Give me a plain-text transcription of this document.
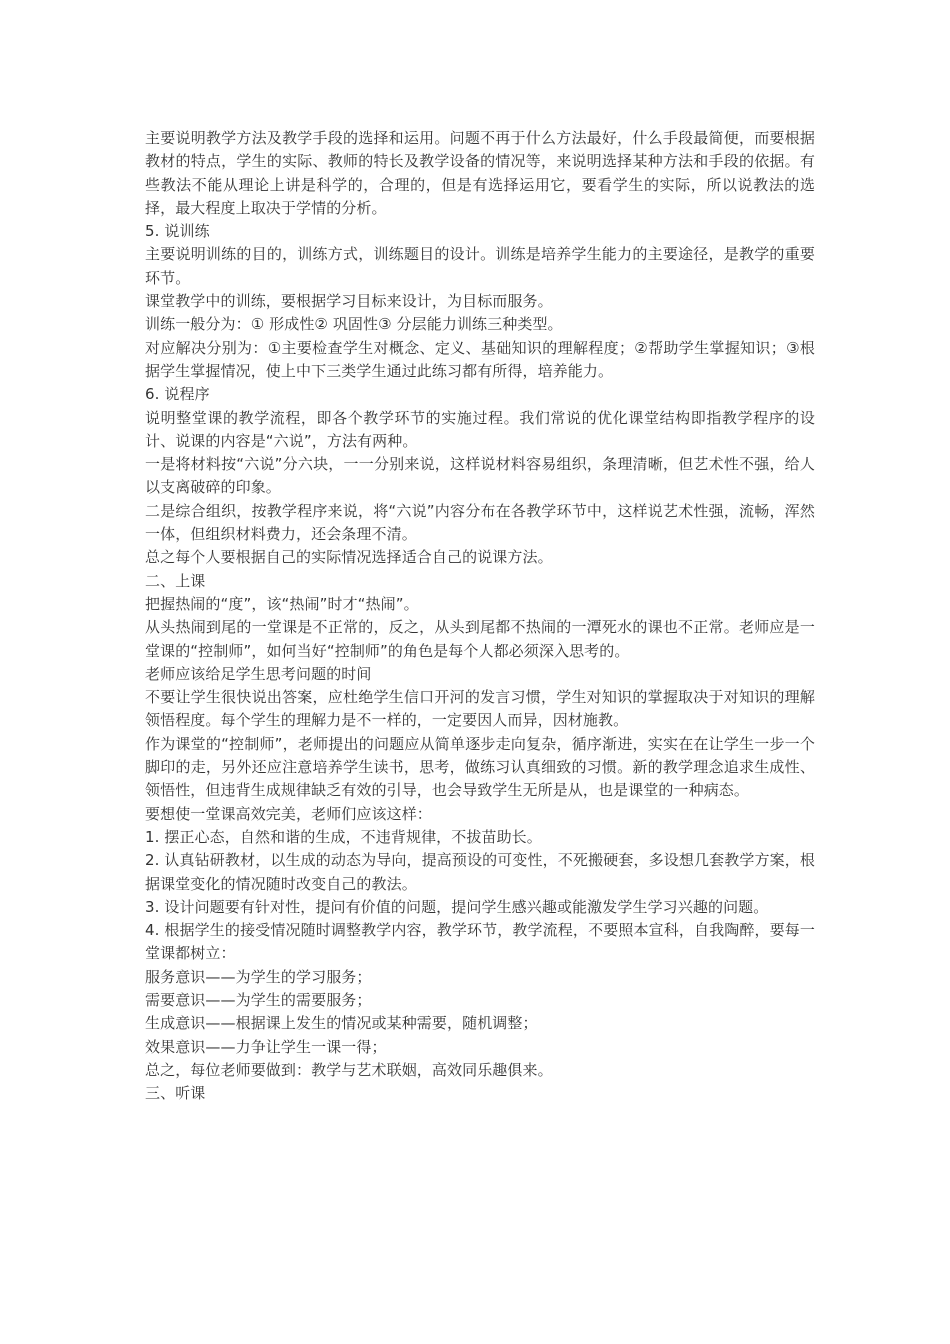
主要说明教学方法及教学手段的选择和运用。问题不再于什么方法最好，什么手段最简便，而要根据教材的特点，学生的实际、教师的特长及教学设备的情况等，来说明选择某种方法和手段的依据。有些教法不能从理论上讲是科学的，合理的，但是有选择运用它，要看学生的实际，所以说教法的选择，最大程度上取决于学情的分析。

5. 说训练

主要说明训练的目的，训练方式，训练题目的设计。训练是培养学生能力的主要途径，是教学的重要环节。

课堂教学中的训练，要根据学习目标来设计，为目标而服务。

训练一般分为：① 形成性② 巩固性③ 分层能力训练三种类型。

对应解决分别为：①主要检查学生对概念、定义、基础知识的理解程度；②帮助学生掌握知识；③根据学生掌握情况，使上中下三类学生通过此练习都有所得，培养能力。

6. 说程序

说明整堂课的教学流程，即各个教学环节的实施过程。我们常说的优化课堂结构即指教学程序的设计、说课的内容是“六说”，方法有两种。

一是将材料按“六说”分六块，一一分别来说，这样说材料容易组织，条理清晰，但艺术性不强，给人以支离破碎的印象。

二是综合组织，按教学程序来说，将“六说”内容分布在各教学环节中，这样说艺术性强，流畅，浑然一体，但组织材料费力，还会条理不清。

总之每个人要根据自己的实际情况选择适合自己的说课方法。

二、上课

把握热闹的“度”，该“热闹”时才“热闹”。

从头热闹到尾的一堂课是不正常的，反之，从头到尾都不热闹的一潭死水的课也不正常。老师应是一堂课的“控制师”，如何当好“控制师”的角色是每个人都必须深入思考的。

老师应该给足学生思考问题的时间

不要让学生很快说出答案，应杜绝学生信口开河的发言习惯，学生对知识的掌握取决于对知识的理解领悟程度。每个学生的理解力是不一样的，一定要因人而异，因材施教。

作为课堂的“控制师”，老师提出的问题应从简单逐步走向复杂，循序渐进，实实在在让学生一步一个脚印的走，另外还应注意培养学生读书，思考，做练习认真细致的习惯。新的教学理念追求生成性、领悟性，但违背生成规律缺乏有效的引导，也会导致学生无所是从，也是课堂的一种病态。

要想使一堂课高效完美，老师们应该这样：

1. 摆正心态，自然和谐的生成，不违背规律，不拔苗助长。

2. 认真钻研教材，以生成的动态为导向，提高预设的可变性，不死搬硬套，多设想几套教学方案，根据课堂变化的情况随时改变自己的教法。

3. 设计问题要有针对性，提问有价值的问题，提问学生感兴趣或能激发学生学习兴趣的问题。

4. 根据学生的接受情况随时调整教学内容，教学环节，教学流程，不要照本宣科，自我陶醉，要每一堂课都树立：

服务意识——为学生的学习服务；

需要意识——为学生的需要服务；

生成意识——根据课上发生的情况或某种需要，随机调整；

效果意识——力争让学生一课一得；

总之，每位老师要做到：教学与艺术联姻，高效同乐趣俱来。

三、听课
